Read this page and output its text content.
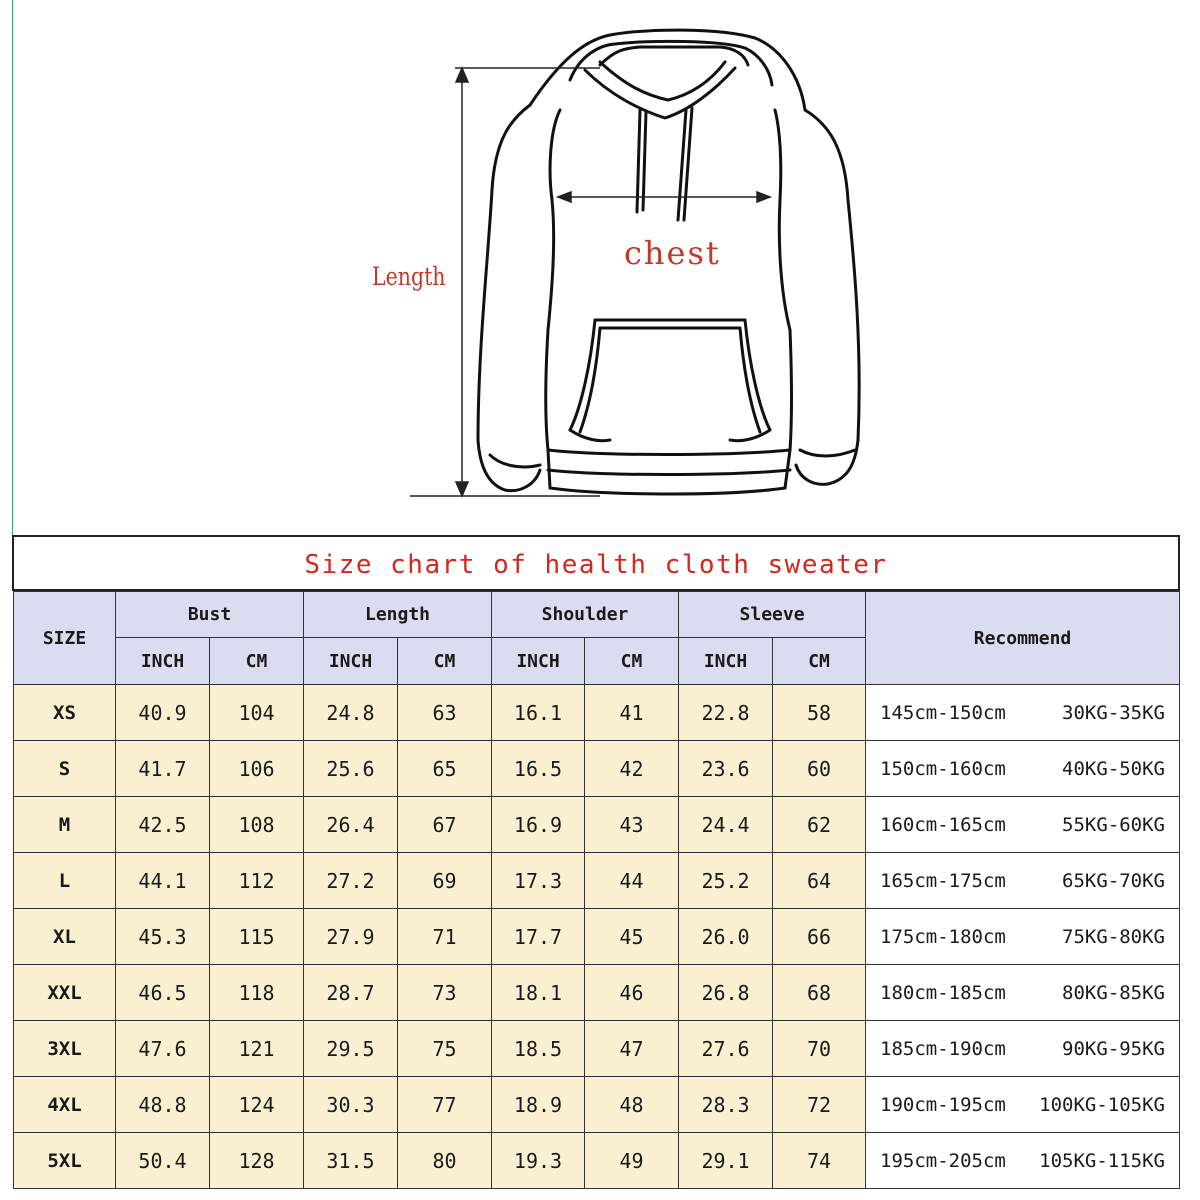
Length
chest
Size chart of health cloth sweater
SIZE	Bust		Length		Shoulder		Sleeve		Recommend
	INCH	CM	INCH	CM	INCH	CM	INCH	CM	
XS	40.9	104	24.8	63	16.1	41	22.8	58	145cm-150cm 30KG-35KG

S	41.7	106	25.6	65	16.5	42	23.6	60	150cm-160cm 40KG-50KG

M	42.5	108	26.4	67	16.9	43	24.4	62	160cm-165cm 55KG-60KG

L	44.1	112	27.2	69	17.3	44	25.2	64	165cm-175cm 65KG-70KG

XL	45.3	115	27.9	71	17.7	45	26.0	66	175cm-180cm 75KG-80KG

XXL	46.5	118	28.7	73	18.1	46	26.8	68	180cm-185cm 80KG-85KG

3XL	47.6	121	29.5	75	18.5	47	27.6	70	185cm-190cm 90KG-95KG

4XL	48.8	124	30.3	77	18.9	48	28.3	72	190cm-195cm 100KG-105KG

5XL	50.4	128	31.5	80	19.3	49	29.1	74	195cm-205cm 105KG-115KG
